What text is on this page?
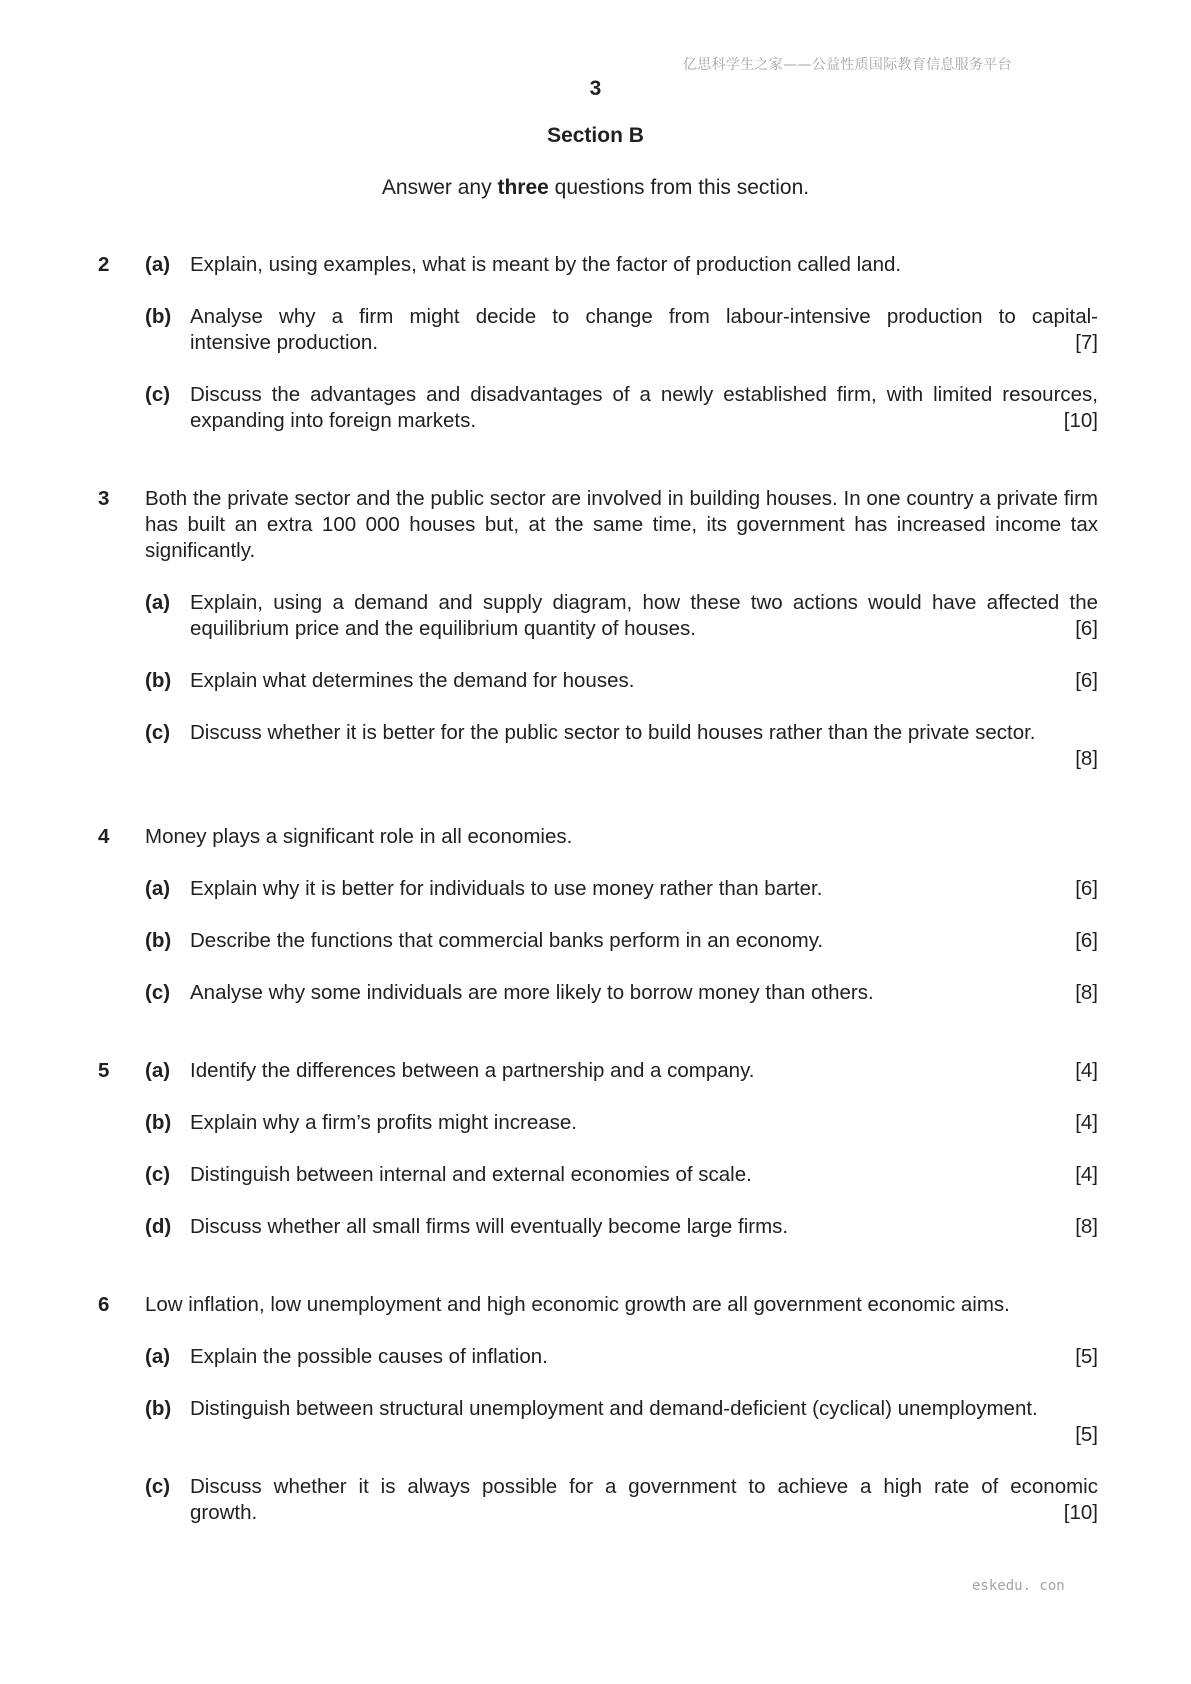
亿思科学生之家——公益性质国际教育信息服务平台
3
Section B
Answer any three questions from this section.
2 (a) Explain, using examples, what is meant by the factor of production called land.
(b) Analyse why a firm might decide to change from labour-intensive production to capital-
[7]
intensive production.
(c) Discuss the advantages and disadvantages of a newly established firm, with limited resources,
[10]
expanding into foreign markets.
3 Both the private sector and the public sector are involved in building houses. In one country a private firm has built an extra 100 000 houses but, at the same time, its government has increased income tax significantly.
(a) Explain, using a demand and supply diagram, how these two actions would have affected the
[6]
equilibrium price and the equilibrium quantity of houses.
(b)	[6]
Explain what determines the demand for houses.
(c) Discuss whether it is better for the public sector to build houses rather than the private sector.
[8]
4 Money plays a significant role in all economies.
(a)	[6]
Explain why it is better for individuals to use money rather than barter.
(b)	[6]
Describe the functions that commercial banks perform in an economy.
(c)	[8]
Analyse why some individuals are more likely to borrow money than others.
5 (a)	[4]
Identify the differences between a partnership and a company.
(b)	[4]
Explain why a firm’s profits might increase.
(c)	[4]
Distinguish between internal and external economies of scale.
(d)	[8]
Discuss whether all small firms will eventually become large firms.
6 Low inflation, low unemployment and high economic growth are all government economic aims.
(a)	[5]
Explain the possible causes of inflation.
(b) Distinguish between structural unemployment and demand-deficient (cyclical) unemployment.
[5]
(c) Discuss whether it is always possible for a government to achieve a high rate of economic
[10]
growth.
eskedu. con
